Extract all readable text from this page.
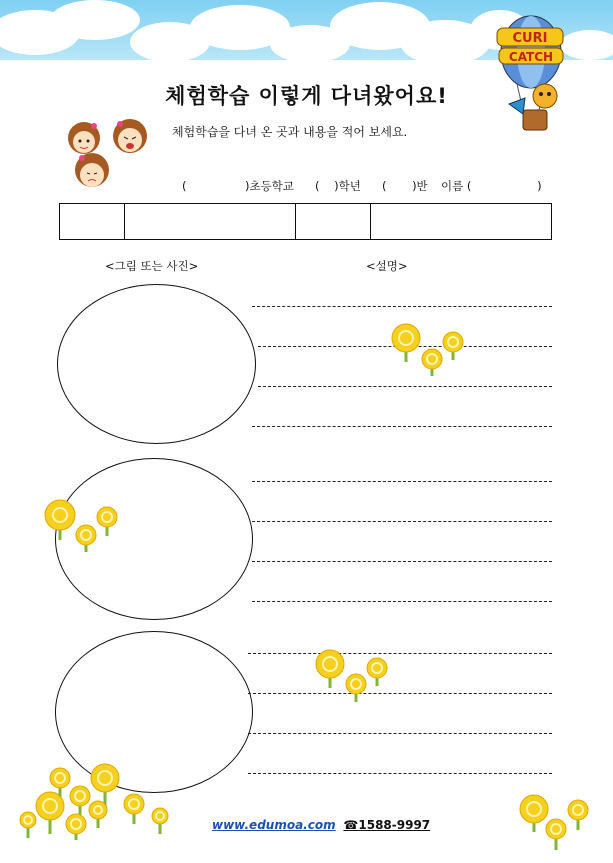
CURI
CATCH
체험학습 이렇게 다녀왔어요!
체험학습을 다녀 온 곳과 내용을 적어 보세요.
(                )초등학교 (    )학년 (       )반 이름 (                  )

<그림 또는 사진>	<설명>
www.edumoa.com ☎1588-9997
